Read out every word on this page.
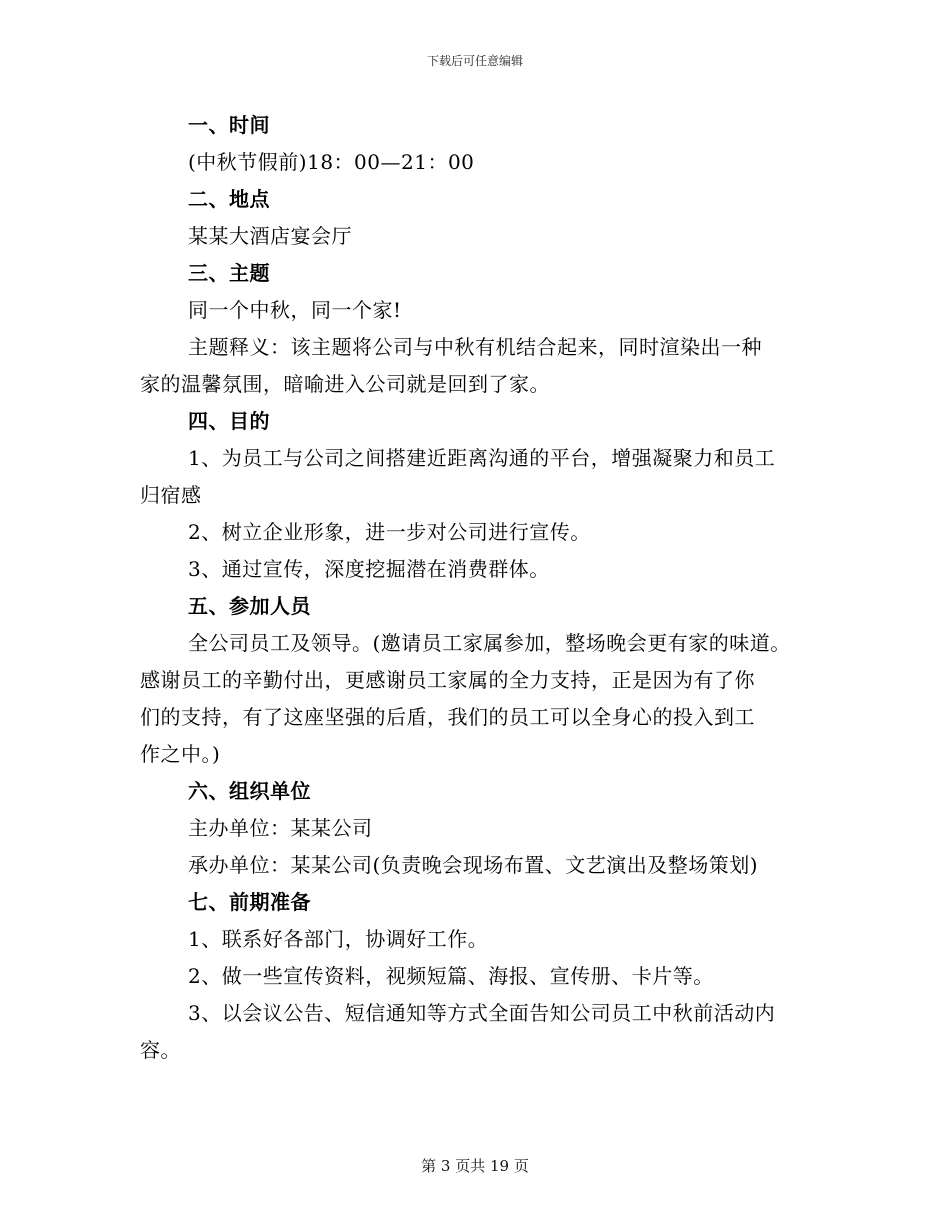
下载后可任意编辑
一、时间
(中秋节假前)18：00—21：00
二、地点
某某大酒店宴会厅
三、主题
同一个中秋，同一个家!
主题释义：该主题将公司与中秋有机结合起来，同时渲染出一种
家的温馨氛围，暗喻进入公司就是回到了家。
四、目的
1、为员工与公司之间搭建近距离沟通的平台，增强凝聚力和员工
归宿感
2、树立企业形象，进一步对公司进行宣传。
3、通过宣传，深度挖掘潜在消费群体。
五、参加人员
全公司员工及领导。(邀请员工家属参加，整场晚会更有家的味道。
感谢员工的辛勤付出，更感谢员工家属的全力支持，正是因为有了你
们的支持，有了这座坚强的后盾，我们的员工可以全身心的投入到工
作之中。)
六、组织单位
主办单位：某某公司
承办单位：某某公司(负责晚会现场布置、文艺演出及整场策划)
七、前期准备
1、联系好各部门，协调好工作。
2、做一些宣传资料，视频短篇、海报、宣传册、卡片等。
3、以会议公告、短信通知等方式全面告知公司员工中秋前活动内
容。
第 3 页共 19 页
